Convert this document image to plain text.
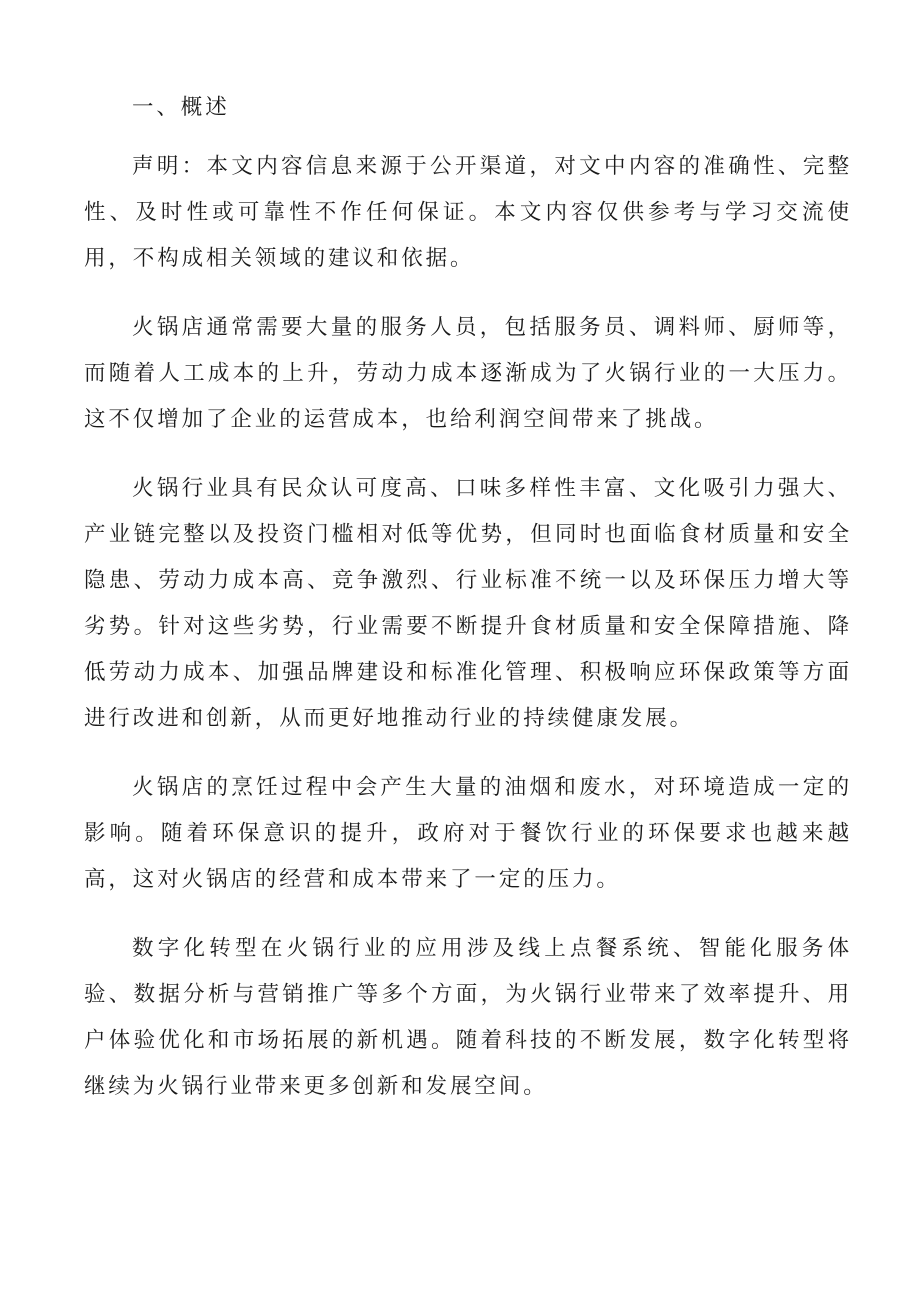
一、概述

声明：本文内容信息来源于公开渠道，对文中内容的准确性、完整性、及时性或可靠性不作任何保证。本文内容仅供参考与学习交流使用，不构成相关领域的建议和依据。

火锅店通常需要大量的服务人员，包括服务员、调料师、厨师等，而随着人工成本的上升，劳动力成本逐渐成为了火锅行业的一大压力。这不仅增加了企业的运营成本，也给利润空间带来了挑战。

火锅行业具有民众认可度高、口味多样性丰富、文化吸引力强大、产业链完整以及投资门槛相对低等优势，但同时也面临食材质量和安全隐患、劳动力成本高、竞争激烈、行业标准不统一以及环保压力增大等劣势。针对这些劣势，行业需要不断提升食材质量和安全保障措施、降低劳动力成本、加强品牌建设和标准化管理、积极响应环保政策等方面进行改进和创新，从而更好地推动行业的持续健康发展。

火锅店的烹饪过程中会产生大量的油烟和废水，对环境造成一定的影响。随着环保意识的提升，政府对于餐饮行业的环保要求也越来越高，这对火锅店的经营和成本带来了一定的压力。

数字化转型在火锅行业的应用涉及线上点餐系统、智能化服务体验、数据分析与营销推广等多个方面，为火锅行业带来了效率提升、用户体验优化和市场拓展的新机遇。随着科技的不断发展，数字化转型将继续为火锅行业带来更多创新和发展空间。
